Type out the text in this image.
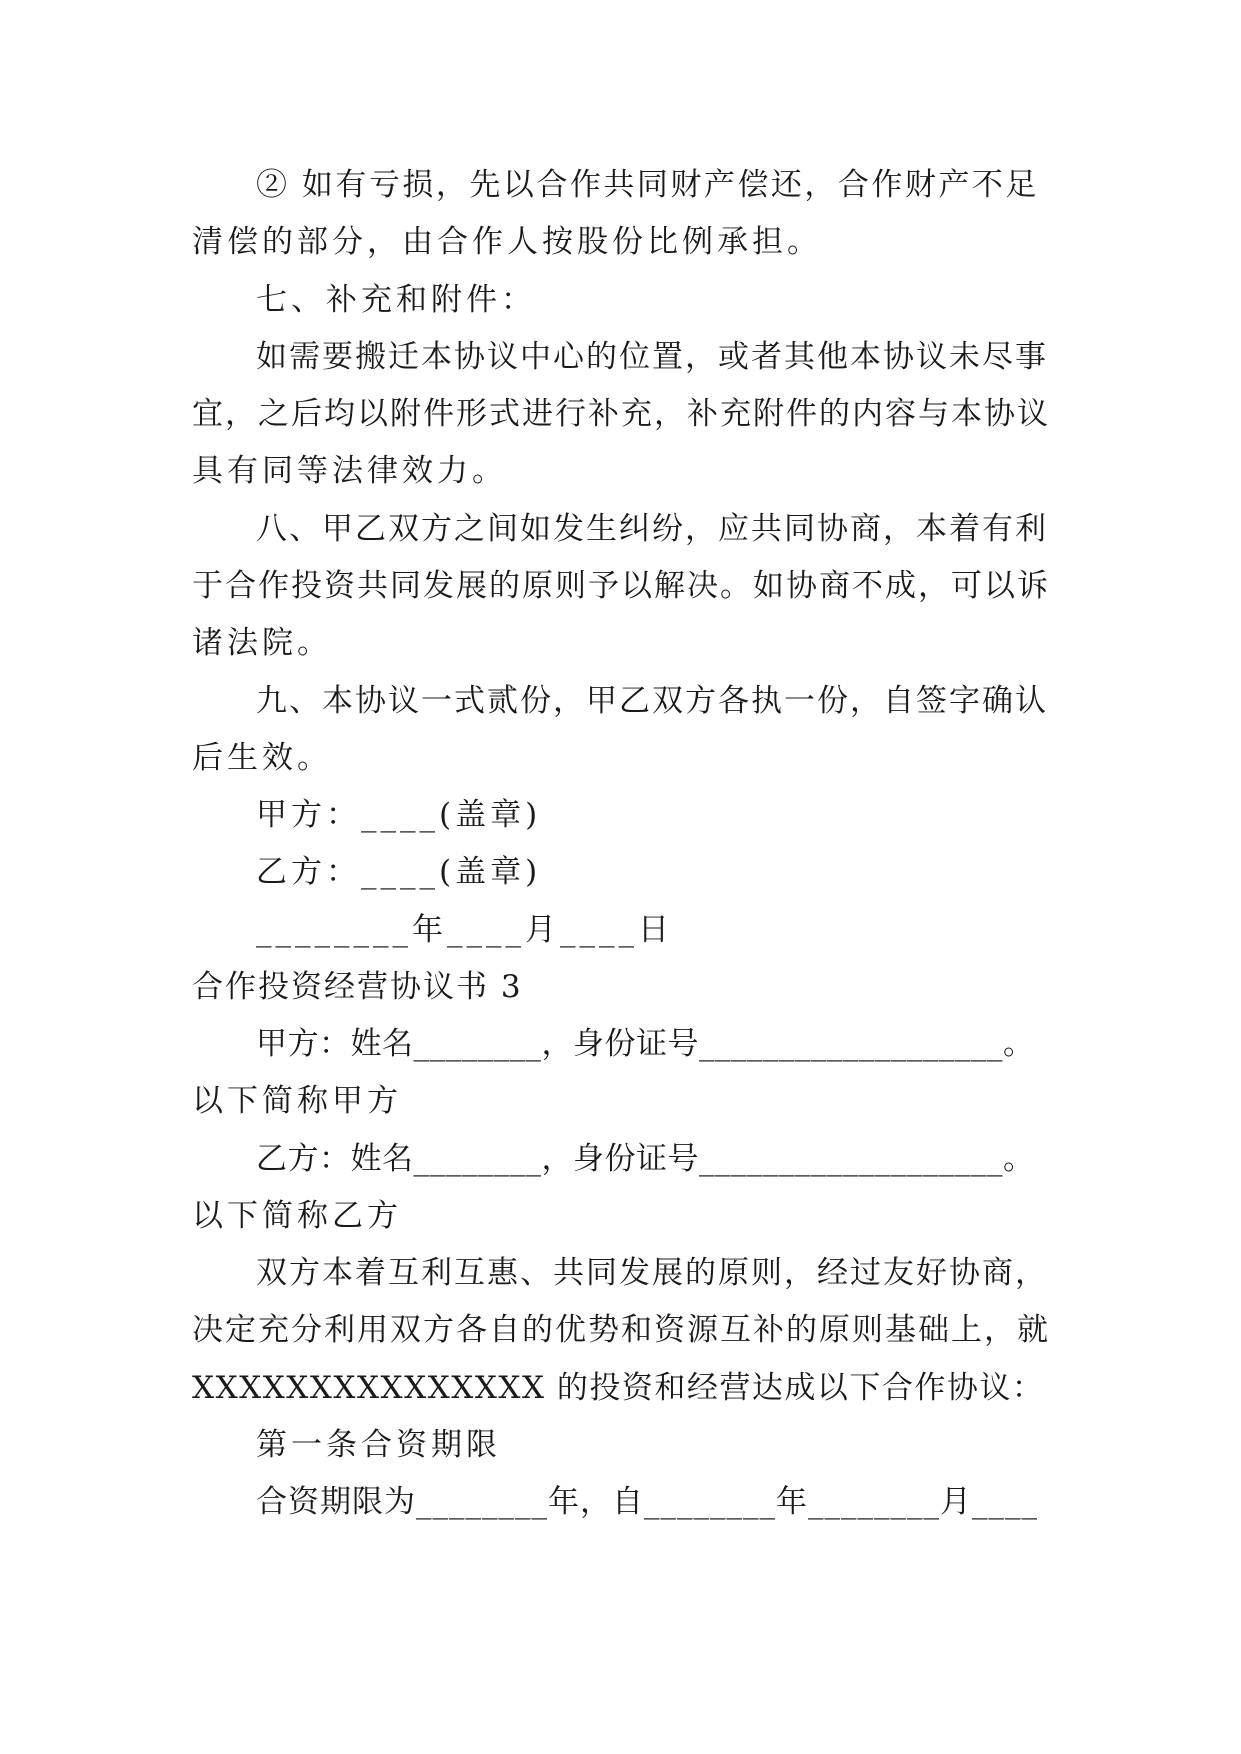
② 如有亏损，先以合作共同财产偿还，合作财产不足
清偿的部分，由合作人按股份比例承担。
七、补充和附件：
如需要搬迁本协议中心的位置，或者其他本协议未尽事
宜，之后均以附件形式进行补充，补充附件的内容与本协议
具有同等法律效力。
八、甲乙双方之间如发生纠纷，应共同协商，本着有利
于合作投资共同发展的原则予以解决。如协商不成，可以诉
诸法院。
九、本协议一式贰份，甲乙双方各执一份，自签字确认
后生效。
甲方：____(盖章)
乙方：____(盖章)
________年____月____日
合作投资经营协议书 3
甲方：姓名________，身份证号___________________。
以下简称甲方
乙方：姓名________，身份证号___________________。
以下简称乙方
双方本着互利互惠、共同发展的原则，经过友好协商，
决定充分利用双方各自的优势和资源互补的原则基础上，就
XXXXXXXXXXXXXXX 的投资和经营达成以下合作协议：
第一条合资期限
合资期限为________年，自________年________月____
